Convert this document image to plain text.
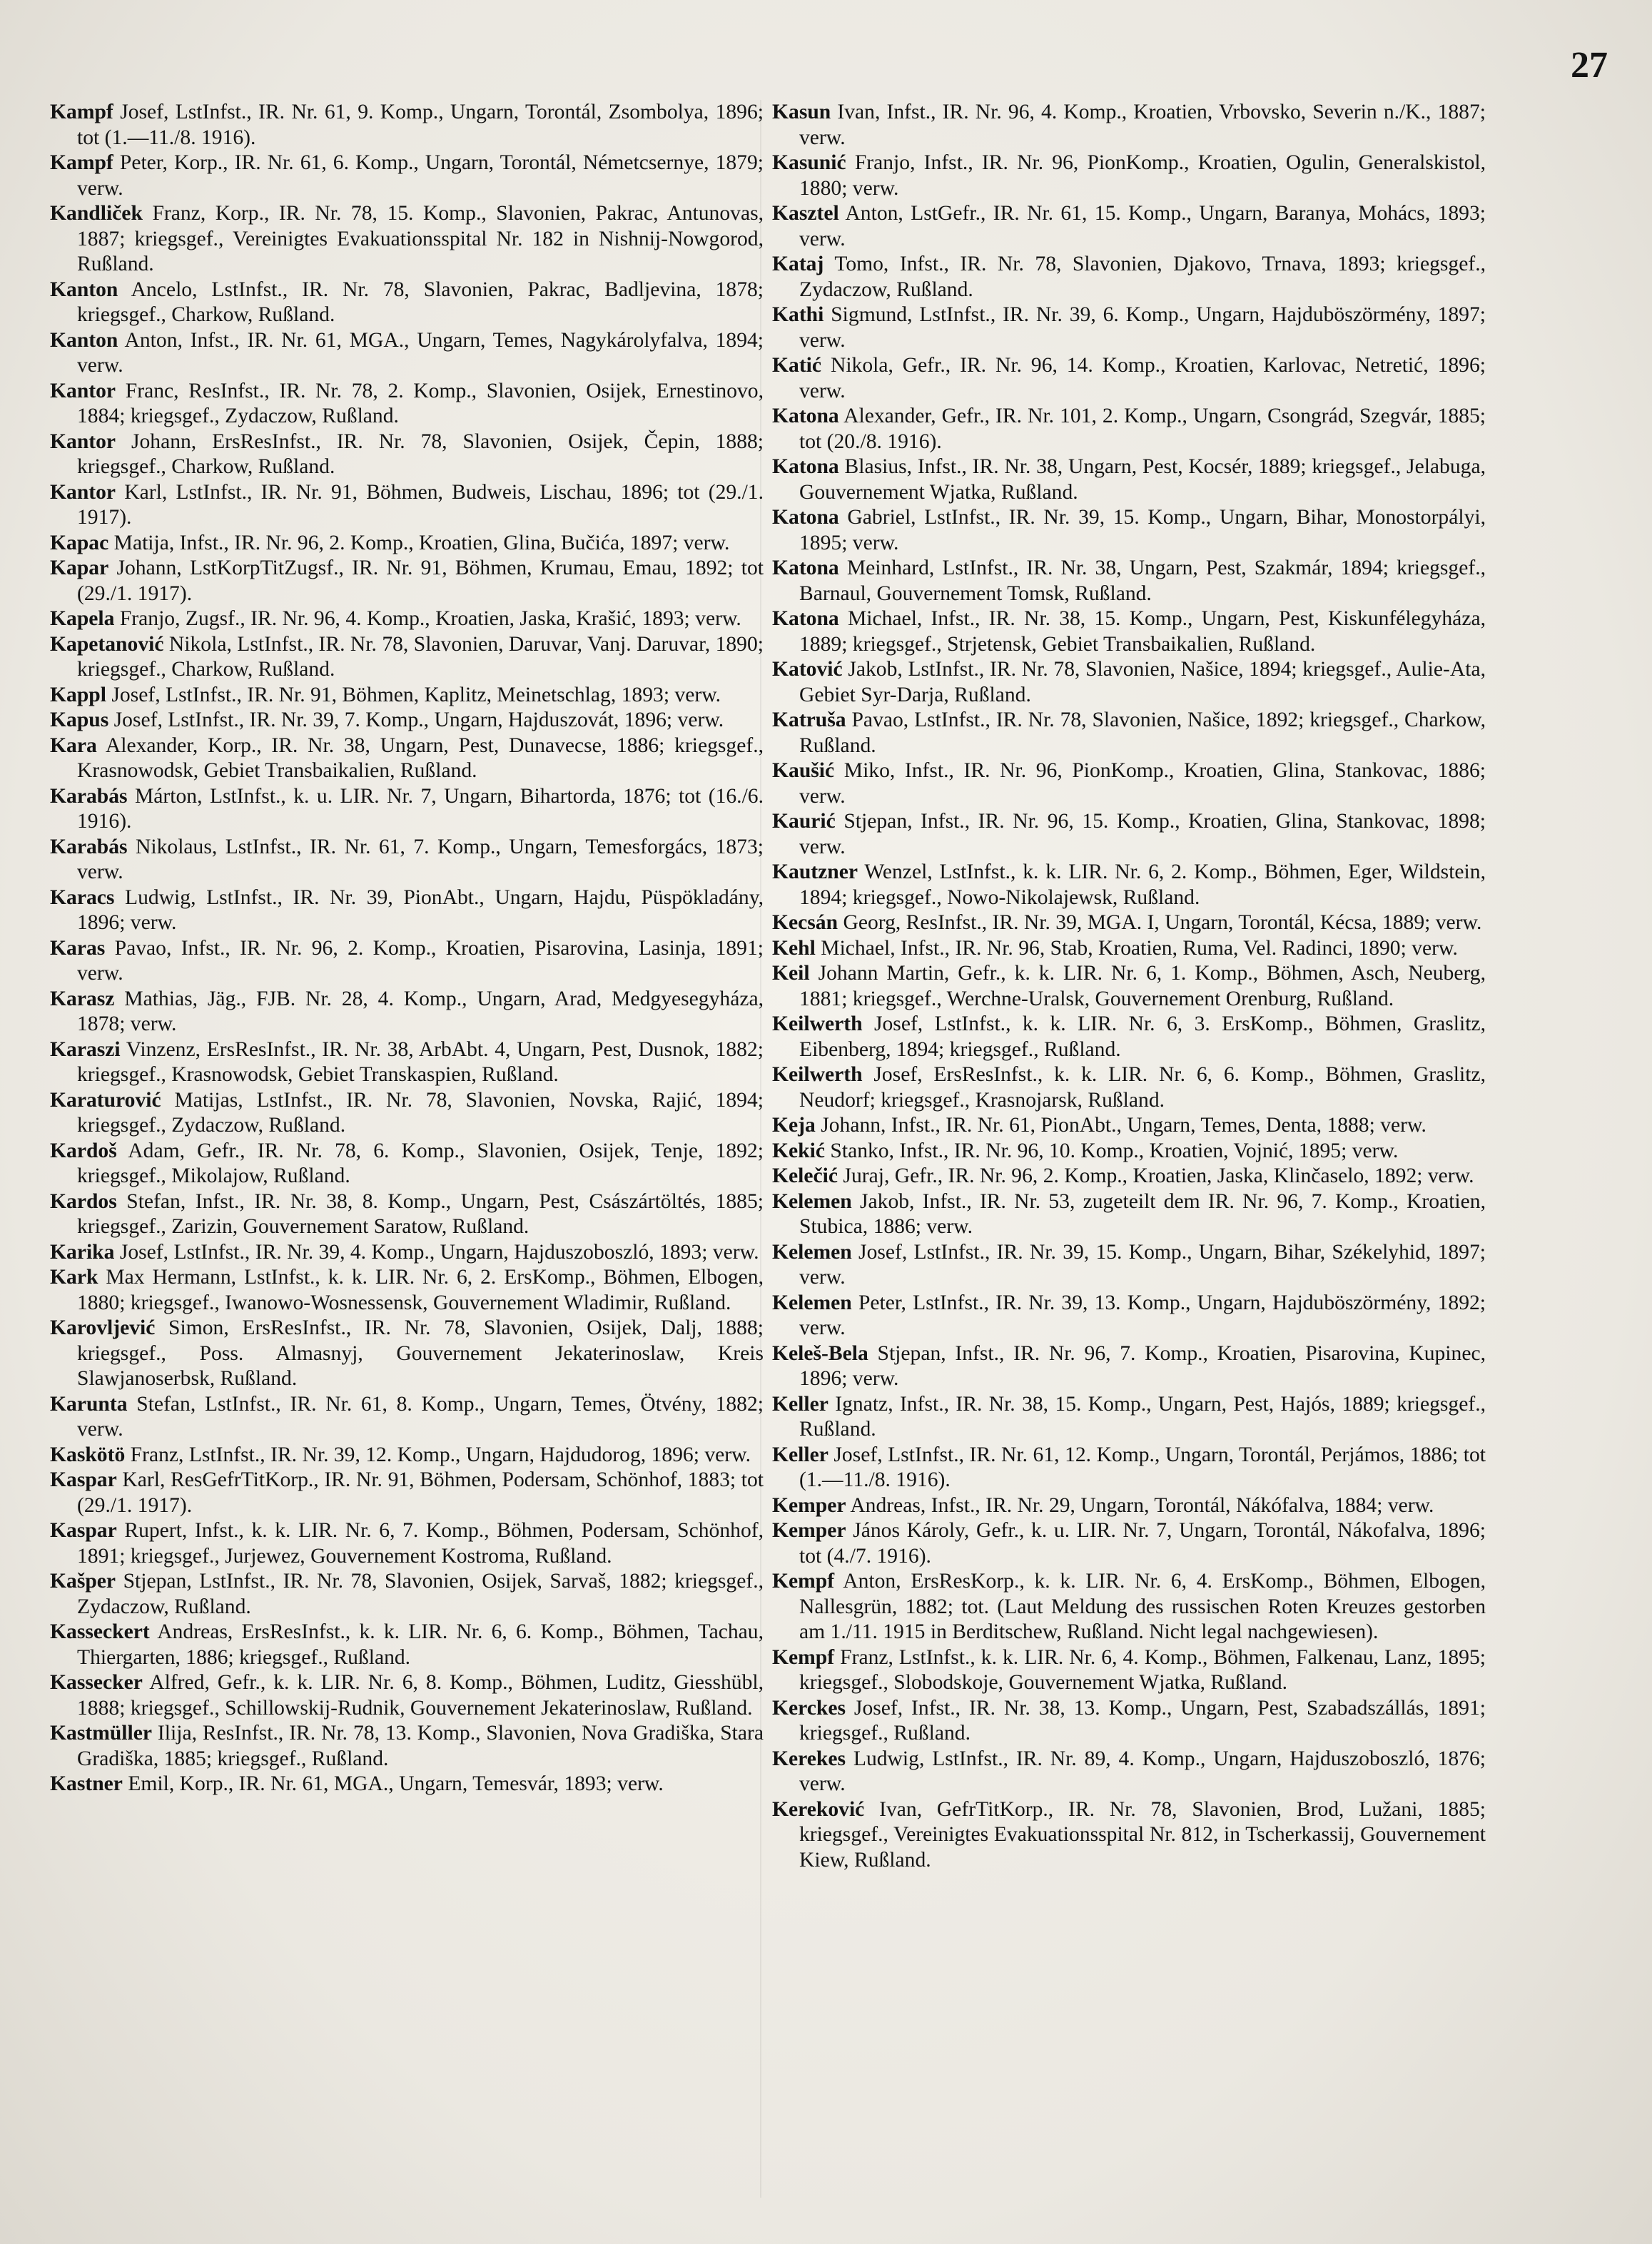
27

Kampf Josef, LstInfst., IR. Nr. 61, 9. Komp., Ungarn, Torontál, Zsombolya, 1896; tot (1.—11./8. 1916).

Kampf Peter, Korp., IR. Nr. 61, 6. Komp., Ungarn, Torontál, Németcsernye, 1879; verw.

Kandliček Franz, Korp., IR. Nr. 78, 15. Komp., Slavonien, Pakrac, Antunovas, 1887; kriegsgef., Vereinigtes Evakuationsspital Nr. 182 in Nishnij-Nowgorod, Rußland.

Kanton Ancelo, LstInfst., IR. Nr. 78, Slavonien, Pakrac, Badljevina, 1878; kriegsgef., Charkow, Rußland.

Kanton Anton, Infst., IR. Nr. 61, MGA., Ungarn, Temes, Nagykárolyfalva, 1894; verw.

Kantor Franc, ResInfst., IR. Nr. 78, 2. Komp., Slavonien, Osijek, Ernestinovo, 1884; kriegsgef., Zydaczow, Rußland.

Kantor Johann, ErsResInfst., IR. Nr. 78, Slavonien, Osijek, Čepin, 1888; kriegsgef., Charkow, Rußland.

Kantor Karl, LstInfst., IR. Nr. 91, Böhmen, Budweis, Lischau, 1896; tot (29./1. 1917).

Kapac Matija, Infst., IR. Nr. 96, 2. Komp., Kroatien, Glina, Bučića, 1897; verw.

Kapar Johann, LstKorpTitZugsf., IR. Nr. 91, Böhmen, Krumau, Emau, 1892; tot (29./1. 1917).

Kapela Franjo, Zugsf., IR. Nr. 96, 4. Komp., Kroatien, Jaska, Krašić, 1893; verw.

Kapetanović Nikola, LstInfst., IR. Nr. 78, Slavonien, Daruvar, Vanj. Daruvar, 1890; kriegsgef., Charkow, Rußland.

Kappl Josef, LstInfst., IR. Nr. 91, Böhmen, Kaplitz, Meinetschlag, 1893; verw.

Kapus Josef, LstInfst., IR. Nr. 39, 7. Komp., Ungarn, Hajduszovát, 1896; verw.

Kara Alexander, Korp., IR. Nr. 38, Ungarn, Pest, Dunavecse, 1886; kriegsgef., Krasnowodsk, Gebiet Transbaikalien, Rußland.

Karabás Márton, LstInfst., k. u. LIR. Nr. 7, Ungarn, Bihartorda, 1876; tot (16./6. 1916).

Karabás Nikolaus, LstInfst., IR. Nr. 61, 7. Komp., Ungarn, Temesforgács, 1873; verw.

Karacs Ludwig, LstInfst., IR. Nr. 39, PionAbt., Ungarn, Hajdu, Püspökladány, 1896; verw.

Karas Pavao, Infst., IR. Nr. 96, 2. Komp., Kroatien, Pisarovina, Lasinja, 1891; verw.

Karasz Mathias, Jäg., FJB. Nr. 28, 4. Komp., Ungarn, Arad, Medgyesegyháza, 1878; verw.

Karaszi Vinzenz, ErsResInfst., IR. Nr. 38, ArbAbt. 4, Ungarn, Pest, Dusnok, 1882; kriegsgef., Krasnowodsk, Gebiet Transkaspien, Rußland.

Karaturović Matijas, LstInfst., IR. Nr. 78, Slavonien, Novska, Rajić, 1894; kriegsgef., Zydaczow, Rußland.

Kardoš Adam, Gefr., IR. Nr. 78, 6. Komp., Slavonien, Osijek, Tenje, 1892; kriegsgef., Mikolajow, Rußland.

Kardos Stefan, Infst., IR. Nr. 38, 8. Komp., Ungarn, Pest, Császártöltés, 1885; kriegsgef., Zarizin, Gouvernement Saratow, Rußland.

Karika Josef, LstInfst., IR. Nr. 39, 4. Komp., Ungarn, Hajduszoboszló, 1893; verw.

Kark Max Hermann, LstInfst., k. k. LIR. Nr. 6, 2. ErsKomp., Böhmen, Elbogen, 1880; kriegsgef., Iwanowo-Wosnessensk, Gouvernement Wladimir, Rußland.

Karovljević Simon, ErsResInfst., IR. Nr. 78, Slavonien, Osijek, Dalj, 1888; kriegsgef., Poss. Almasnyj, Gouvernement Jekaterinoslaw, Kreis Slawjanoserbsk, Rußland.

Karunta Stefan, LstInfst., IR. Nr. 61, 8. Komp., Ungarn, Temes, Ötvény, 1882; verw.

Kaskötö Franz, LstInfst., IR. Nr. 39, 12. Komp., Ungarn, Hajdudorog, 1896; verw.

Kaspar Karl, ResGefrTitKorp., IR. Nr. 91, Böhmen, Podersam, Schönhof, 1883; tot (29./1. 1917).

Kaspar Rupert, Infst., k. k. LIR. Nr. 6, 7. Komp., Böhmen, Podersam, Schönhof, 1891; kriegsgef., Jurjewez, Gouvernement Kostroma, Rußland.

Kašper Stjepan, LstInfst., IR. Nr. 78, Slavonien, Osijek, Sarvaš, 1882; kriegsgef., Zydaczow, Rußland.

Kasseckert Andreas, ErsResInfst., k. k. LIR. Nr. 6, 6. Komp., Böhmen, Tachau, Thiergarten, 1886; kriegsgef., Rußland.

Kassecker Alfred, Gefr., k. k. LIR. Nr. 6, 8. Komp., Böhmen, Luditz, Giesshübl, 1888; kriegsgef., Schillowskij-Rudnik, Gouvernement Jekaterinoslaw, Rußland.

Kastmüller Ilija, ResInfst., IR. Nr. 78, 13. Komp., Slavonien, Nova Gradiška, Stara Gradiška, 1885; kriegsgef., Rußland.

Kastner Emil, Korp., IR. Nr. 61, MGA., Ungarn, Temesvár, 1893; verw.

Kasun Ivan, Infst., IR. Nr. 96, 4. Komp., Kroatien, Vrbovsko, Severin n./K., 1887; verw.

Kasunić Franjo, Infst., IR. Nr. 96, PionKomp., Kroatien, Ogulin, Generalskistol, 1880; verw.

Kasztel Anton, LstGefr., IR. Nr. 61, 15. Komp., Ungarn, Baranya, Mohács, 1893; verw.

Kataj Tomo, Infst., IR. Nr. 78, Slavonien, Djakovo, Trnava, 1893; kriegsgef., Zydaczow, Rußland.

Kathi Sigmund, LstInfst., IR. Nr. 39, 6. Komp., Ungarn, Hajduböszörmény, 1897; verw.

Katić Nikola, Gefr., IR. Nr. 96, 14. Komp., Kroatien, Karlovac, Netretić, 1896; verw.

Katona Alexander, Gefr., IR. Nr. 101, 2. Komp., Ungarn, Csongrád, Szegvár, 1885; tot (20./8. 1916).

Katona Blasius, Infst., IR. Nr. 38, Ungarn, Pest, Kocsér, 1889; kriegsgef., Jelabuga, Gouvernement Wjatka, Rußland.

Katona Gabriel, LstInfst., IR. Nr. 39, 15. Komp., Ungarn, Bihar, Monostorpályi, 1895; verw.

Katona Meinhard, LstInfst., IR. Nr. 38, Ungarn, Pest, Szakmár, 1894; kriegsgef., Barnaul, Gouvernement Tomsk, Rußland.

Katona Michael, Infst., IR. Nr. 38, 15. Komp., Ungarn, Pest, Kiskunfélegyháza, 1889; kriegsgef., Strjetensk, Gebiet Transbaikalien, Rußland.

Katović Jakob, LstInfst., IR. Nr. 78, Slavonien, Našice, 1894; kriegsgef., Aulie-Ata, Gebiet Syr-Darja, Rußland.

Katruša Pavao, LstInfst., IR. Nr. 78, Slavonien, Našice, 1892; kriegsgef., Charkow, Rußland.

Kaušić Miko, Infst., IR. Nr. 96, PionKomp., Kroatien, Glina, Stankovac, 1886; verw.

Kaurić Stjepan, Infst., IR. Nr. 96, 15. Komp., Kroatien, Glina, Stankovac, 1898; verw.

Kautzner Wenzel, LstInfst., k. k. LIR. Nr. 6, 2. Komp., Böhmen, Eger, Wildstein, 1894; kriegsgef., Nowo-Nikolajewsk, Rußland.

Kecsán Georg, ResInfst., IR. Nr. 39, MGA. I, Ungarn, Torontál, Kécsa, 1889; verw.

Kehl Michael, Infst., IR. Nr. 96, Stab, Kroatien, Ruma, Vel. Radinci, 1890; verw.

Keil Johann Martin, Gefr., k. k. LIR. Nr. 6, 1. Komp., Böhmen, Asch, Neuberg, 1881; kriegsgef., Werchne-Uralsk, Gouvernement Orenburg, Rußland.

Keilwerth Josef, LstInfst., k. k. LIR. Nr. 6, 3. ErsKomp., Böhmen, Graslitz, Eibenberg, 1894; kriegsgef., Rußland.

Keilwerth Josef, ErsResInfst., k. k. LIR. Nr. 6, 6. Komp., Böhmen, Graslitz, Neudorf; kriegsgef., Krasnojarsk, Rußland.

Keja Johann, Infst., IR. Nr. 61, PionAbt., Ungarn, Temes, Denta, 1888; verw.

Kekić Stanko, Infst., IR. Nr. 96, 10. Komp., Kroatien, Vojnić, 1895; verw.

Kelečić Juraj, Gefr., IR. Nr. 96, 2. Komp., Kroatien, Jaska, Klinčaselo, 1892; verw.

Kelemen Jakob, Infst., IR. Nr. 53, zugeteilt dem IR. Nr. 96, 7. Komp., Kroatien, Stubica, 1886; verw.

Kelemen Josef, LstInfst., IR. Nr. 39, 15. Komp., Ungarn, Bihar, Székelyhid, 1897; verw.

Kelemen Peter, LstInfst., IR. Nr. 39, 13. Komp., Ungarn, Hajduböszörmény, 1892; verw.

Keleš-Bela Stjepan, Infst., IR. Nr. 96, 7. Komp., Kroatien, Pisarovina, Kupinec, 1896; verw.

Keller Ignatz, Infst., IR. Nr. 38, 15. Komp., Ungarn, Pest, Hajós, 1889; kriegsgef., Rußland.

Keller Josef, LstInfst., IR. Nr. 61, 12. Komp., Ungarn, Torontál, Perjámos, 1886; tot (1.—11./8. 1916).

Kemper Andreas, Infst., IR. Nr. 29, Ungarn, Torontál, Nákófalva, 1884; verw.

Kemper János Károly, Gefr., k. u. LIR. Nr. 7, Ungarn, Torontál, Nákofalva, 1896; tot (4./7. 1916).

Kempf Anton, ErsResKorp., k. k. LIR. Nr. 6, 4. ErsKomp., Böhmen, Elbogen, Nallesgrün, 1882; tot. (Laut Meldung des russischen Roten Kreuzes gestorben am 1./11. 1915 in Berditschew, Rußland. Nicht legal nachgewiesen).

Kempf Franz, LstInfst., k. k. LIR. Nr. 6, 4. Komp., Böhmen, Falkenau, Lanz, 1895; kriegsgef., Slobodskoje, Gouvernement Wjatka, Rußland.

Kerckes Josef, Infst., IR. Nr. 38, 13. Komp., Ungarn, Pest, Szabadszállás, 1891; kriegsgef., Rußland.

Kerekes Ludwig, LstInfst., IR. Nr. 89, 4. Komp., Ungarn, Hajduszoboszló, 1876; verw.

Kereković Ivan, GefrTitKorp., IR. Nr. 78, Slavonien, Brod, Lužani, 1885; kriegsgef., Vereinigtes Evakuationsspital Nr. 812, in Tscherkassij, Gouvernement Kiew, Rußland.
